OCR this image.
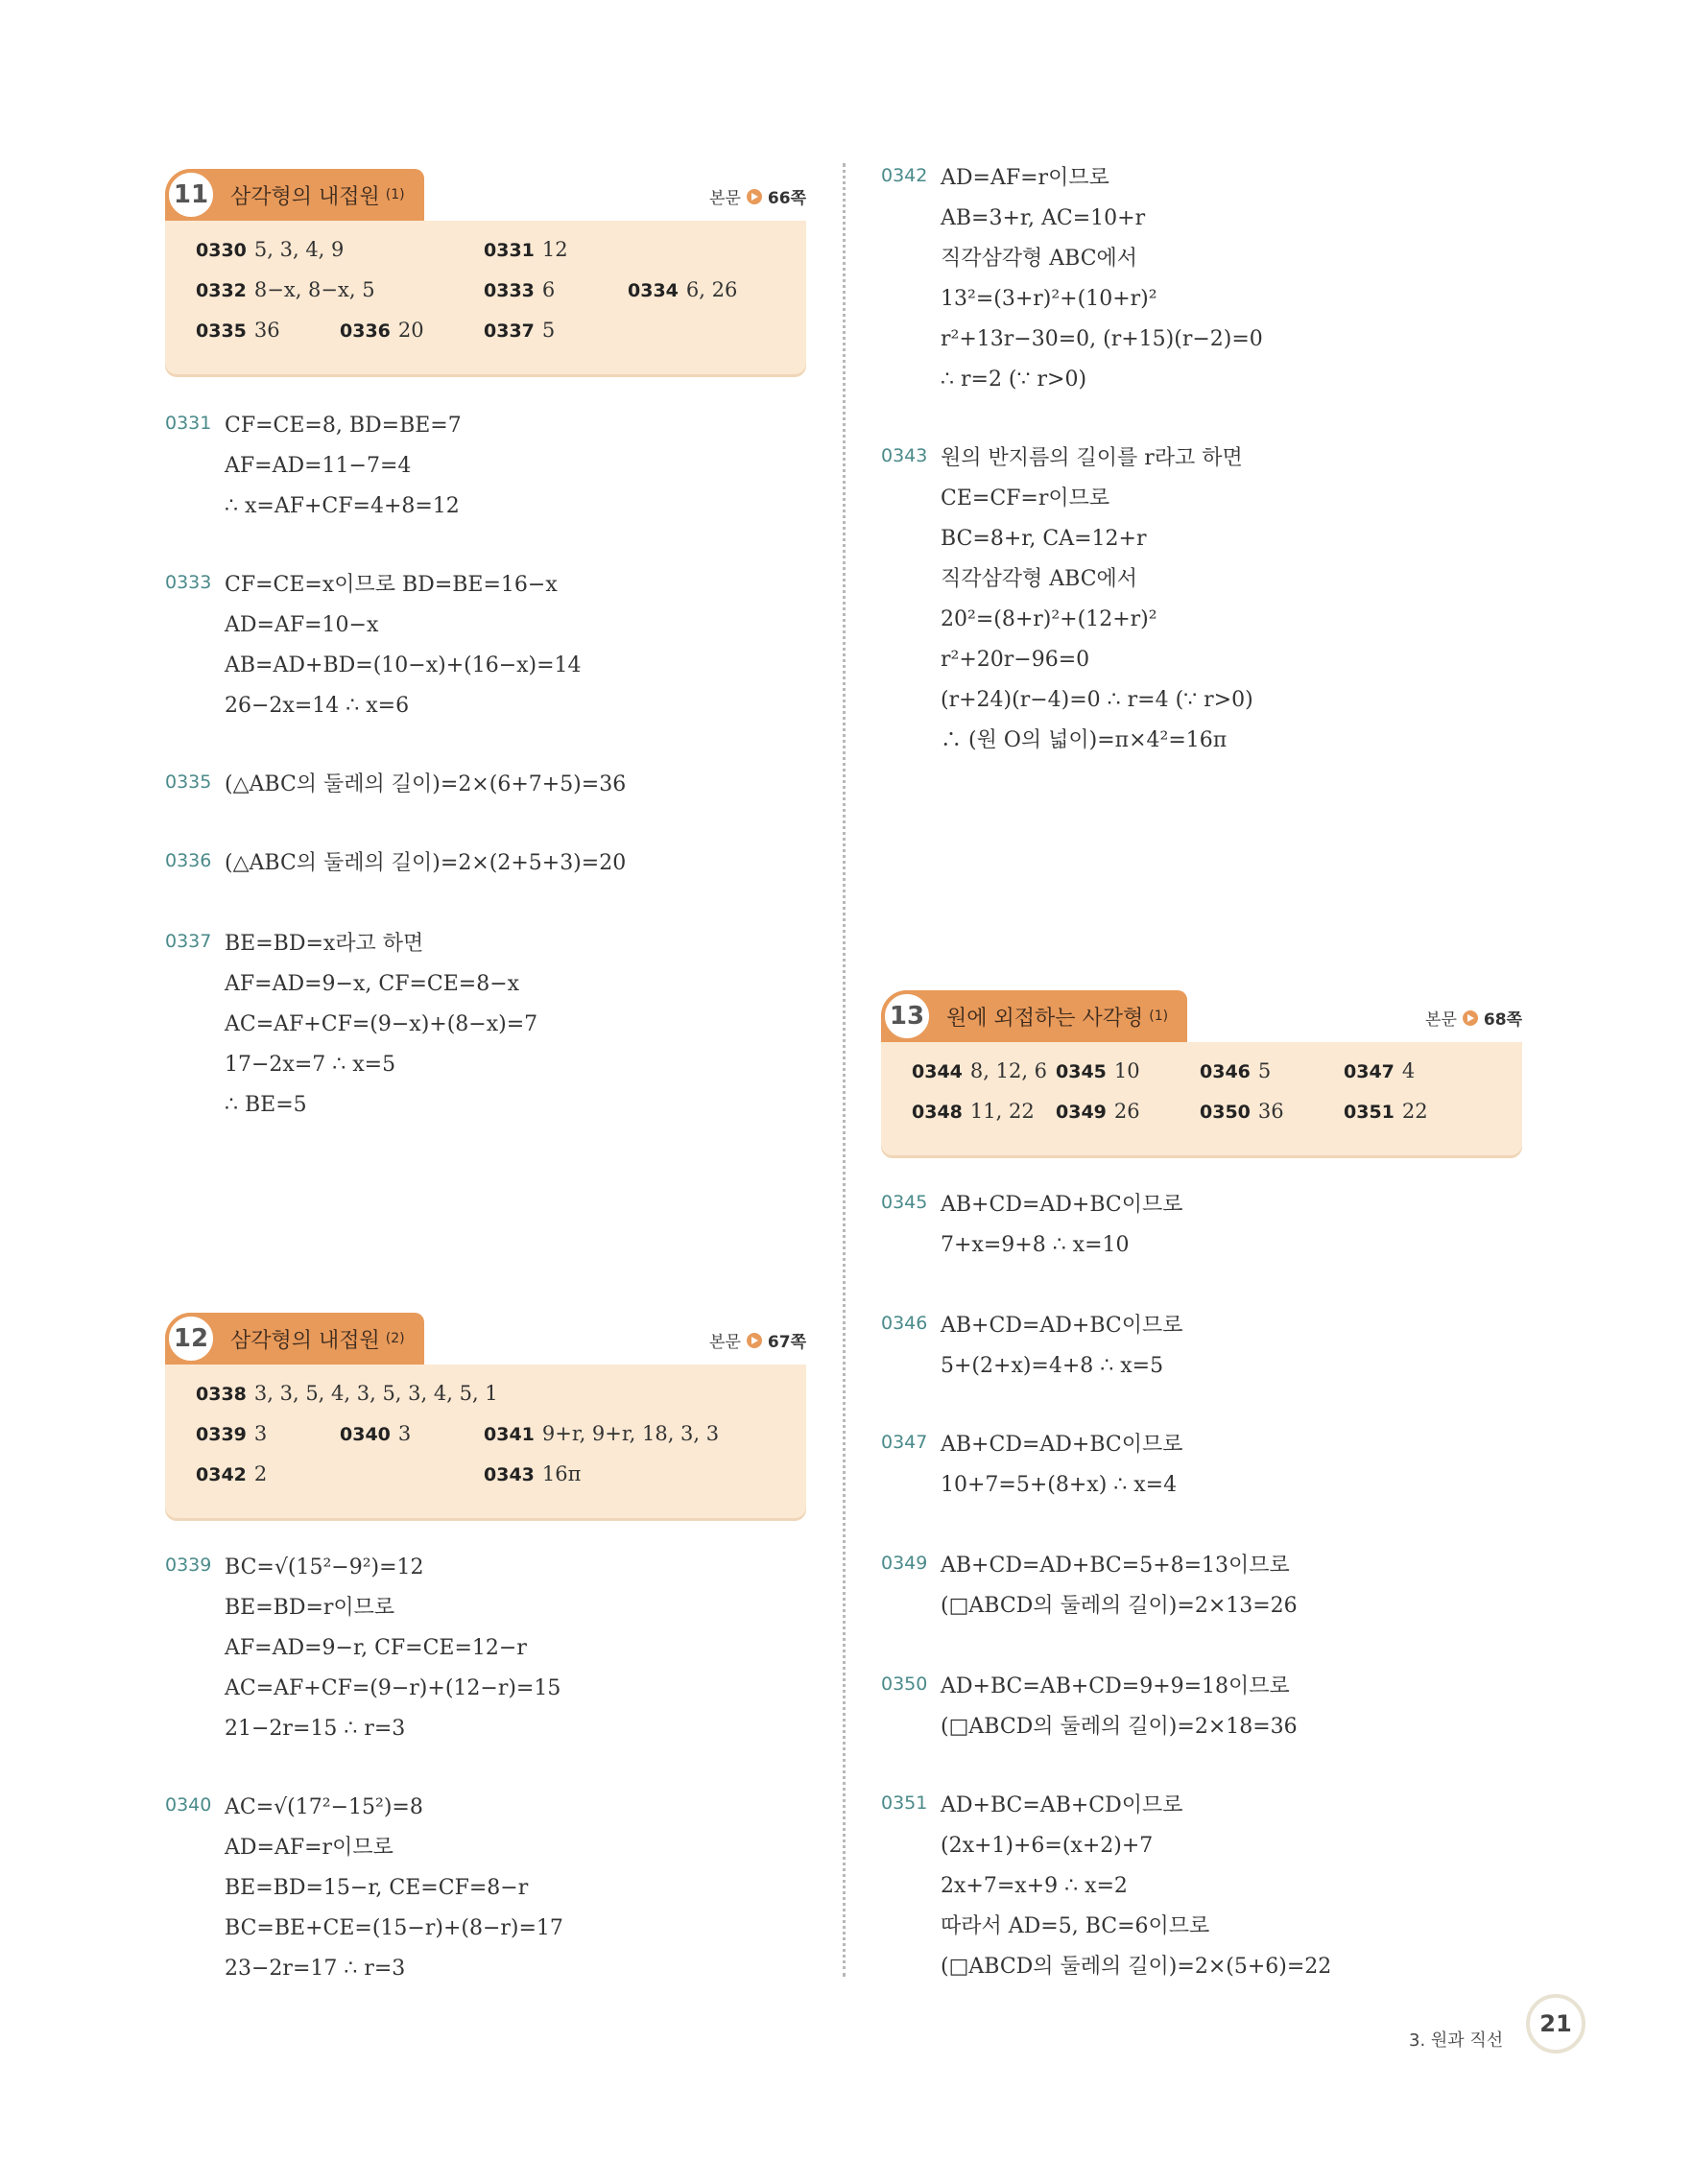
11	삼각형의 내접원 (1)	본문 66쪽
0330 5, 3, 4, 9	0331 12
0332 8−x, 8−x, 5	0333 6	0334 6, 26
0335 36	0336 20	0337 5
0331 CF=CE=8, BD=BE=7
AF=AD=11−7=4
∴ x=AF+CF=4+8=12
0333 CF=CE=x이므로 BD=BE=16−x
AD=AF=10−x
AB=AD+BD=(10−x)+(16−x)=14
26−2x=14 ∴ x=6
0335 (△ABC의 둘레의 길이)=2×(6+7+5)=36
0336 (△ABC의 둘레의 길이)=2×(2+5+3)=20
0337 BE=BD=x라고 하면
AF=AD=9−x, CF=CE=8−x
AC=AF+CF=(9−x)+(8−x)=7
17−2x=7 ∴ x=5
∴ BE=5
12	삼각형의 내접원 (2)	본문 67쪽
0338 3, 3, 5, 4, 3, 5, 3, 4, 5, 1
0339 3	0340 3	0341 9+r, 9+r, 18, 3, 3
0342 2	0343 16π
0339 BC=√(15²−9²)=12
BE=BD=r이므로
AF=AD=9−r, CF=CE=12−r
AC=AF+CF=(9−r)+(12−r)=15
21−2r=15 ∴ r=3
0340 AC=√(17²−15²)=8
AD=AF=r이므로
BE=BD=15−r, CE=CF=8−r
BC=BE+CE=(15−r)+(8−r)=17
23−2r=17 ∴ r=3
0342 AD=AF=r이므로
AB=3+r, AC=10+r
직각삼각형 ABC에서
13²=(3+r)²+(10+r)²
r²+13r−30=0, (r+15)(r−2)=0
∴ r=2 (∵ r>0)
0343 원의 반지름의 길이를 r라고 하면
CE=CF=r이므로
BC=8+r, CA=12+r
직각삼각형 ABC에서
20²=(8+r)²+(12+r)²
r²+20r−96=0
(r+24)(r−4)=0 ∴ r=4 (∵ r>0)
∴ (원 O의 넓이)=π×4²=16π
13	원에 외접하는 사각형 (1)	본문 68쪽
0344 8, 12, 6 0345 10	0346 5	0347 4
0348 11, 22 0349 26	0350 36	0351 22
0345 AB+CD=AD+BC이므로
7+x=9+8 ∴ x=10
0346 AB+CD=AD+BC이므로
5+(2+x)=4+8 ∴ x=5
0347 AB+CD=AD+BC이므로
10+7=5+(8+x) ∴ x=4
0349 AB+CD=AD+BC=5+8=13이므로
(□ABCD의 둘레의 길이)=2×13=26
0350 AD+BC=AB+CD=9+9=18이므로
(□ABCD의 둘레의 길이)=2×18=36
0351 AD+BC=AB+CD이므로
(2x+1)+6=(x+2)+7
2x+7=x+9 ∴ x=2
따라서 AD=5, BC=6이므로
(□ABCD의 둘레의 길이)=2×(5+6)=22
3. 원과 직선
21
